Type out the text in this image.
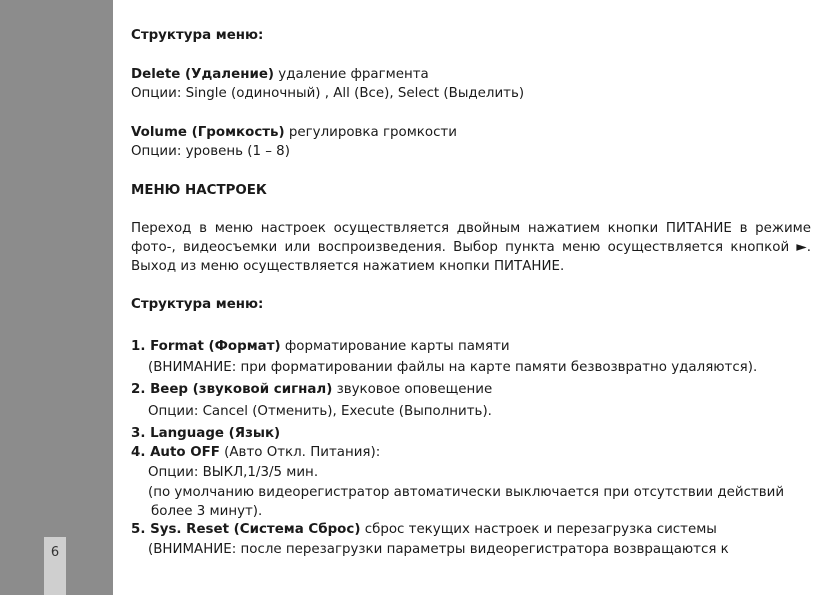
6
Структура меню:
Delete (Удаление) удаление фрагмента
Опции: Single (одиночный) , All (Все), Select (Выделить)
Volume (Громкость) регулировка громкости
Опции: уровень (1 – 8)
МЕНЮ НАСТРОЕК
Переход в меню настроек осуществляется двойным нажатием кнопки ПИТАНИЕ в режиме
фото-, видеосъемки или воспроизведения. Выбор пункта меню осуществляется кнопкой ►.
Выход из меню осуществляется нажатием кнопки ПИТАНИЕ.
Структура меню:
1. Format (Формат) форматирование карты памяти
(ВНИМАНИЕ: при форматировании файлы на карте памяти безвозвратно удаляются).
2. Beep (звуковой сигнал) звуковое оповещение
Опции: Cancel (Отменить), Execute (Выполнить).
3. Language (Язык)
4. Auto OFF (Авто Откл. Питания):
Опции: ВЫКЛ,1/3/5 мин.
(по умолчанию видеорегистратор автоматически выключается при отсутствии действий
более 3 минут).
5. Sys. Reset (Система Сброс) сброс текущих настроек и перезагрузка системы
(ВНИМАНИЕ: после перезагрузки параметры видеорегистратора возвращаются к
